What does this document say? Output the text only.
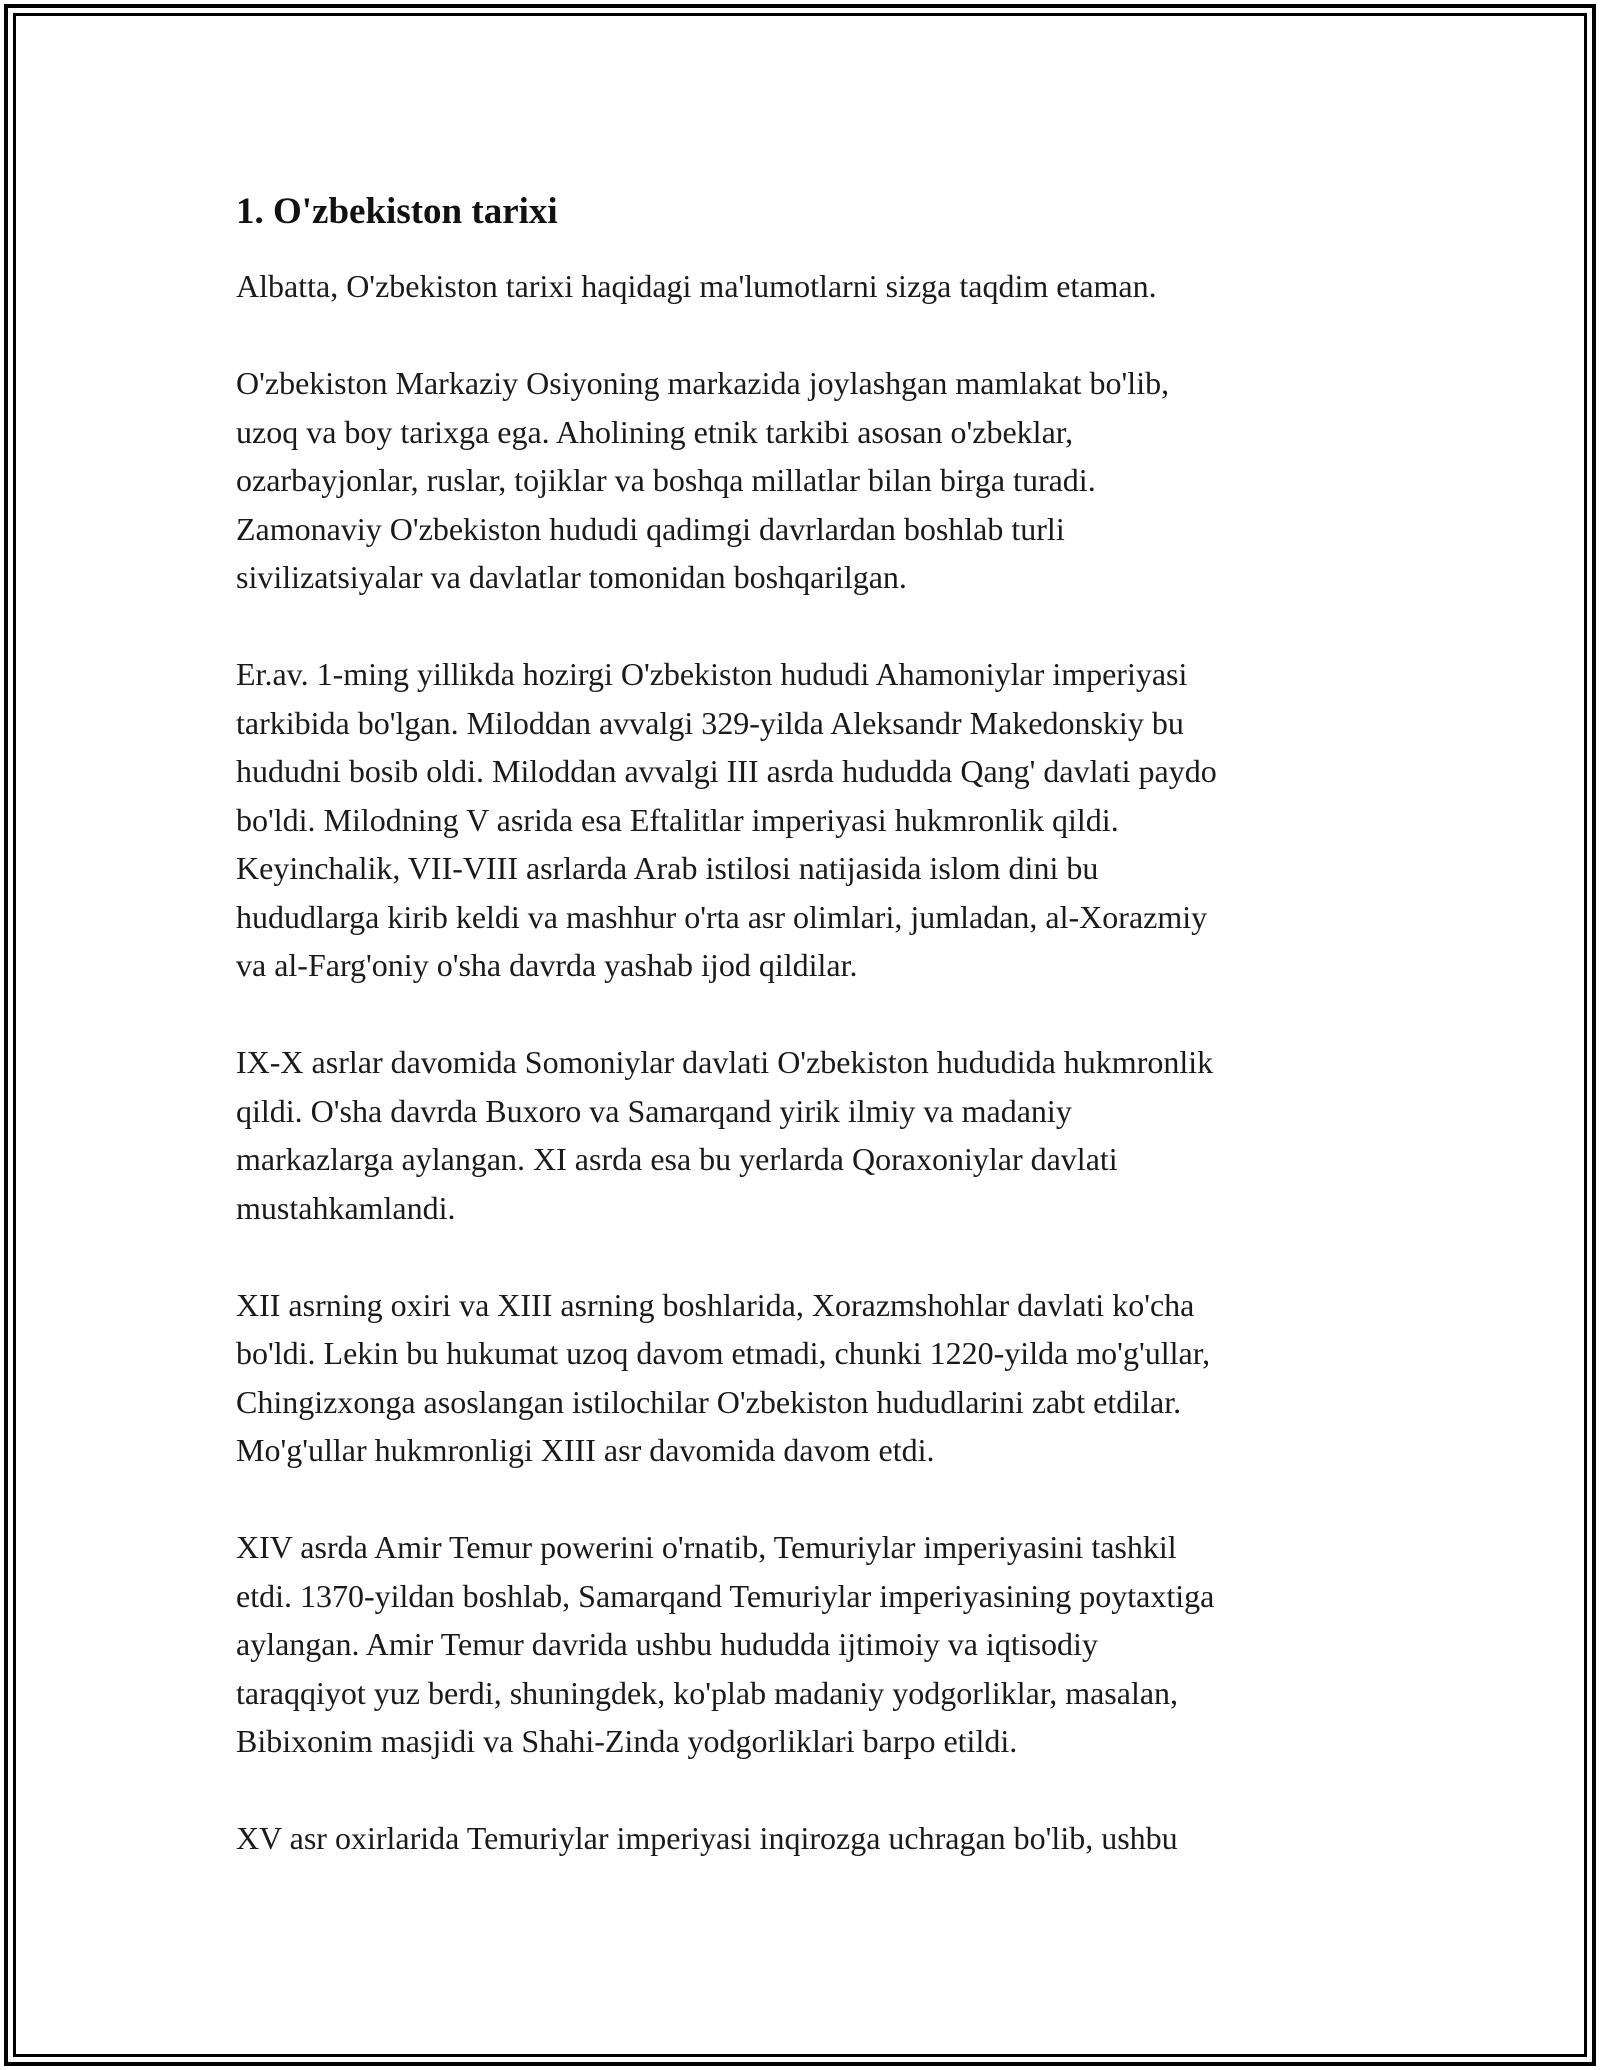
1. O'zbekiston tarixi

Albatta, O'zbekiston tarixi haqidagi ma'lumotlarni sizga taqdim etaman.

O'zbekiston Markaziy Osiyoning markazida joylashgan mamlakat bo'lib,
uzoq va boy tarixga ega. Aholining etnik tarkibi asosan o'zbeklar,
ozarbayjonlar, ruslar, tojiklar va boshqa millatlar bilan birga turadi.
Zamonaviy O'zbekiston hududi qadimgi davrlardan boshlab turli
sivilizatsiyalar va davlatlar tomonidan boshqarilgan.

Er.av. 1-ming yillikda hozirgi O'zbekiston hududi Ahamoniylar imperiyasi
tarkibida bo'lgan. Miloddan avvalgi 329-yilda Aleksandr Makedonskiy bu
hududni bosib oldi. Miloddan avvalgi III asrda hududda Qang' davlati paydo
bo'ldi. Milodning V asrida esa Eftalitlar imperiyasi hukmronlik qildi.
Keyinchalik, VII-VIII asrlarda Arab istilosi natijasida islom dini bu
hududlarga kirib keldi va mashhur o'rta asr olimlari, jumladan, al-Xorazmiy
va al-Farg'oniy o'sha davrda yashab ijod qildilar.

IX-X asrlar davomida Somoniylar davlati O'zbekiston hududida hukmronlik
qildi. O'sha davrda Buxoro va Samarqand yirik ilmiy va madaniy
markazlarga aylangan. XI asrda esa bu yerlarda Qoraxoniylar davlati
mustahkamlandi.

XII asrning oxiri va XIII asrning boshlarida, Xorazmshohlar davlati ko'cha
bo'ldi. Lekin bu hukumat uzoq davom etmadi, chunki 1220-yilda mo'g'ullar,
Chingizxonga asoslangan istilochilar O'zbekiston hududlarini zabt etdilar.
Mo'g'ullar hukmronligi XIII asr davomida davom etdi.

XIV asrda Amir Temur powerini o'rnatib, Temuriylar imperiyasini tashkil
etdi. 1370-yildan boshlab, Samarqand Temuriylar imperiyasining poytaxtiga
aylangan. Amir Temur davrida ushbu hududda ijtimoiy va iqtisodiy
taraqqiyot yuz berdi, shuningdek, ko'plab madaniy yodgorliklar, masalan,
Bibixonim masjidi va Shahi-Zinda yodgorliklari barpo etildi.

XV asr oxirlarida Temuriylar imperiyasi inqirozga uchragan bo'lib, ushbu
